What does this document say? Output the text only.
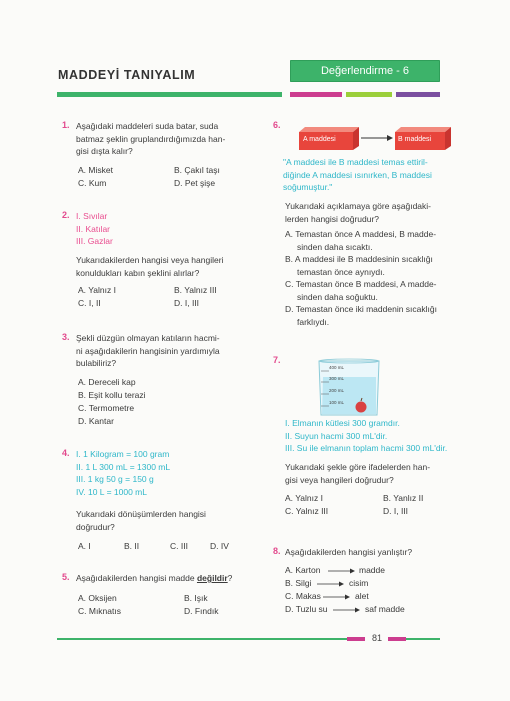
MADDEYİ TANIYALIM	Değerlendirme - 6
1. Aşağıdaki maddeleri suda batar, suda
batmaz şeklin gruplandırdığımızda han-
gisi dışta kalır?
A. Misket	B. Çakıl taşı
C. Kum	D. Pet şişe
2. I. Sıvılar
II. Katılar
III. Gazlar
Yukarıdakilerden hangisi veya hangileri
konuldukları kabın şeklini alırlar?
A. Yalnız I	B. Yalnız III
C. I, II	D. I, III
3. Şekli düzgün olmayan katıların hacmi-
ni aşağıdakilerin hangisinin yardımıyla
bulabiliriz?
A. Dereceli kap
B. Eşit kollu terazi
C. Termometre
D. Kantar
4. I. 1 Kilogram = 100 gram
II. 1 L 300 mL = 1300 mL
III. 1 kg 50 g = 150 g
IV. 10 L = 1000 mL
Yukarıdaki dönüşümlerden hangisi
doğrudur?
A. I	B. II	C. III	D. IV
5. Aşağıdakilerden hangisi madde değildir?
A. Oksijen	B. Işık
C. Mıknatıs	D. Fındık
6.
A maddesi	B maddesi
"A maddesi ile B maddesi temas ettiril-
diğinde A maddesi ısınırken, B maddesi
soğumuştur."
Yukarıdaki açıklamaya göre aşağıdaki-
lerden hangisi doğrudur?
A. Temastan önce A maddesi, B madde-
sinden daha sıcaktı.
B. A maddesi ile B maddesinin sıcaklığı
temastan önce aynıydı.
C. Temastan önce B maddesi, A madde-
sinden daha soğuktu.
D. Temastan önce iki maddenin sıcaklığı
farklıydı.
7.
400 mL
300 mL
200 mL
100 mL
I. Elmanın kütlesi 300 gramdır.
II. Suyun hacmi 300 mL'dir.
III. Su ile elmanın toplam hacmi 300 mL'dir.
Yukarıdaki şekle göre ifadelerden han-
gisi veya hangileri doğrudur?
A. Yalnız I	B. Yanlız II
C. Yalnız III	D. I, III
8. Aşağıdakilerden hangisi yanlıştır?
A. Karton	madde
B. Silgi	cisim
C. Makas	alet
D. Tuzlu su	saf madde
81
